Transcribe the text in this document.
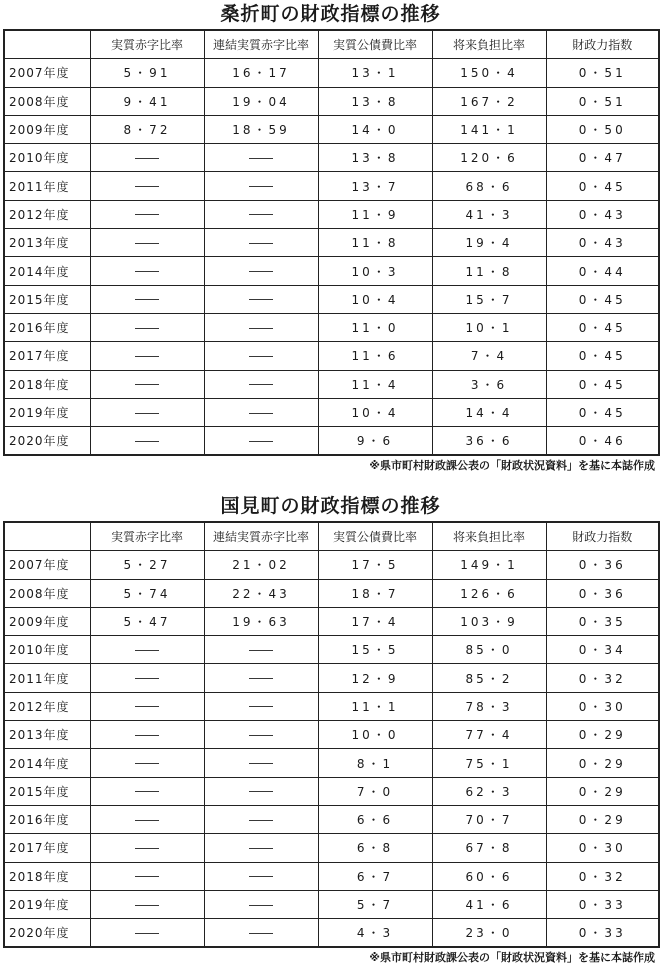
桑折町の財政指標の推移
	実質赤字比率	連結実質赤字比率	実質公債費比率	将来負担比率	財政力指数
2007年度	5・91	16・17	13・1	150・4	0・51
2008年度	9・41	19・04	13・8	167・2	0・51
2009年度	8・72	18・59	14・0	141・1	0・50
2010年度	――	――	13・8	120・6	0・47
2011年度	――	――	13・7	68・6	0・45
2012年度	――	――	11・9	41・3	0・43
2013年度	――	――	11・8	19・4	0・43
2014年度	――	――	10・3	11・8	0・44
2015年度	――	――	10・4	15・7	0・45
2016年度	――	――	11・0	10・1	0・45
2017年度	――	――	11・6	7・4	0・45
2018年度	――	――	11・4	3・6	0・45
2019年度	――	――	10・4	14・4	0・45
2020年度	――	――	9・6	36・6	0・46
※県市町村財政課公表の「財政状況資料」を基に本誌作成
国見町の財政指標の推移
	実質赤字比率	連結実質赤字比率	実質公債費比率	将来負担比率	財政力指数
2007年度	5・27	21・02	17・5	149・1	0・36
2008年度	5・74	22・43	18・7	126・6	0・36
2009年度	5・47	19・63	17・4	103・9	0・35
2010年度	――	――	15・5	85・0	0・34
2011年度	――	――	12・9	85・2	0・32
2012年度	――	――	11・1	78・3	0・30
2013年度	――	――	10・0	77・4	0・29
2014年度	――	――	8・1	75・1	0・29
2015年度	――	――	7・0	62・3	0・29
2016年度	――	――	6・6	70・7	0・29
2017年度	――	――	6・8	67・8	0・30
2018年度	――	――	6・7	60・6	0・32
2019年度	――	――	5・7	41・6	0・33
2020年度	――	――	4・3	23・0	0・33
※県市町村財政課公表の「財政状況資料」を基に本誌作成
